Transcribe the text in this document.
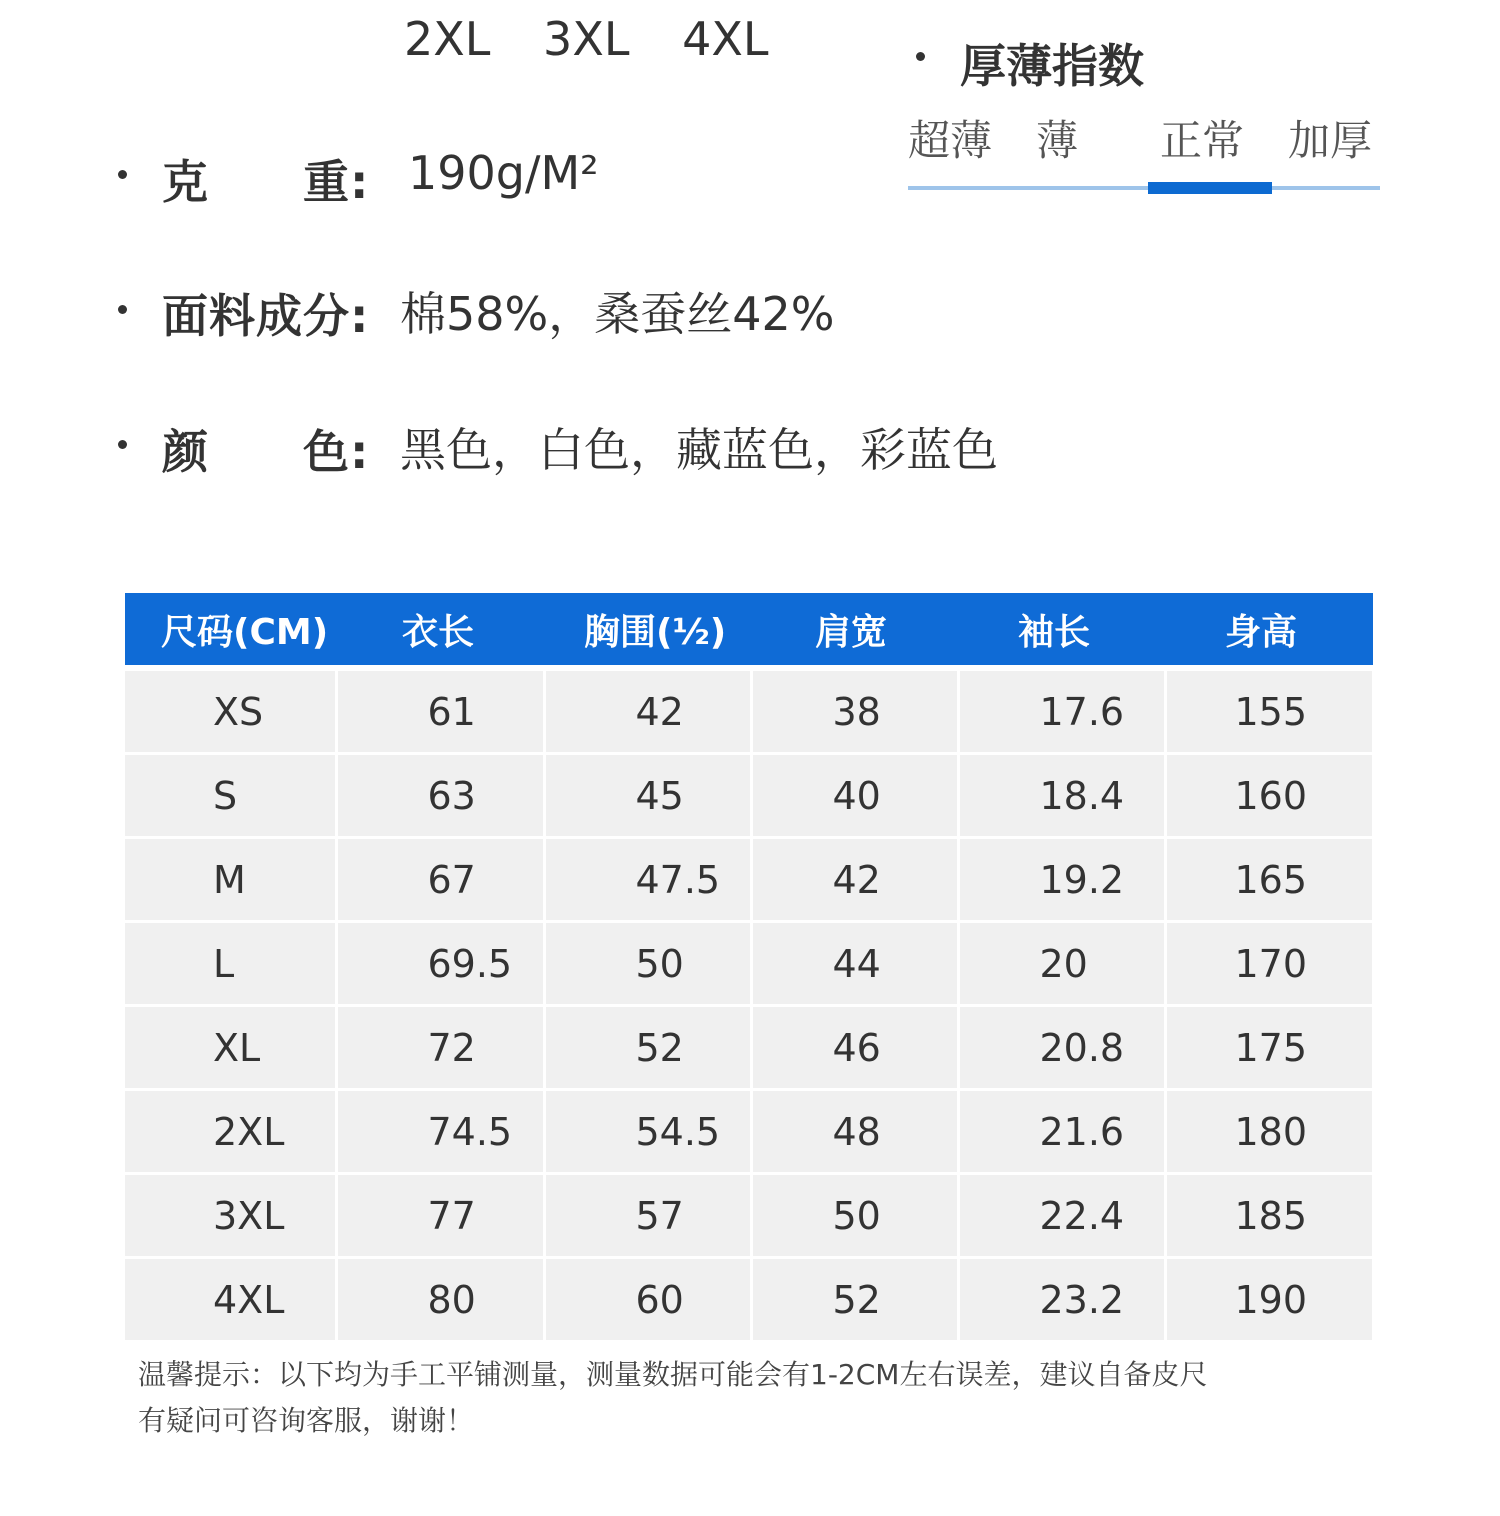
2XL 3XL 4XL	厚薄指数
超薄 薄 正常 加厚
克　　重: 190g/M²
面料成分: 棉58%，桑蚕丝42%
颜　　色: 黑色，白色，藏蓝色，彩蓝色
尺码(CM)	衣长	胸围(½)	肩宽	袖长	身高
XS	61	42	38	17.6	155
S	63	45	40	18.4	160
M	67	47.5	42	19.2	165
L	69.5	50	44	20	170
XL	72	52	46	20.8	175
2XL	74.5	54.5	48	21.6	180
3XL	77	57	50	22.4	185
4XL	80	60	52	23.2	190
温馨提示：以下均为手工平铺测量，测量数据可能会有1-2CM左右误差，建议自备皮尺
有疑问可咨询客服，谢谢！
